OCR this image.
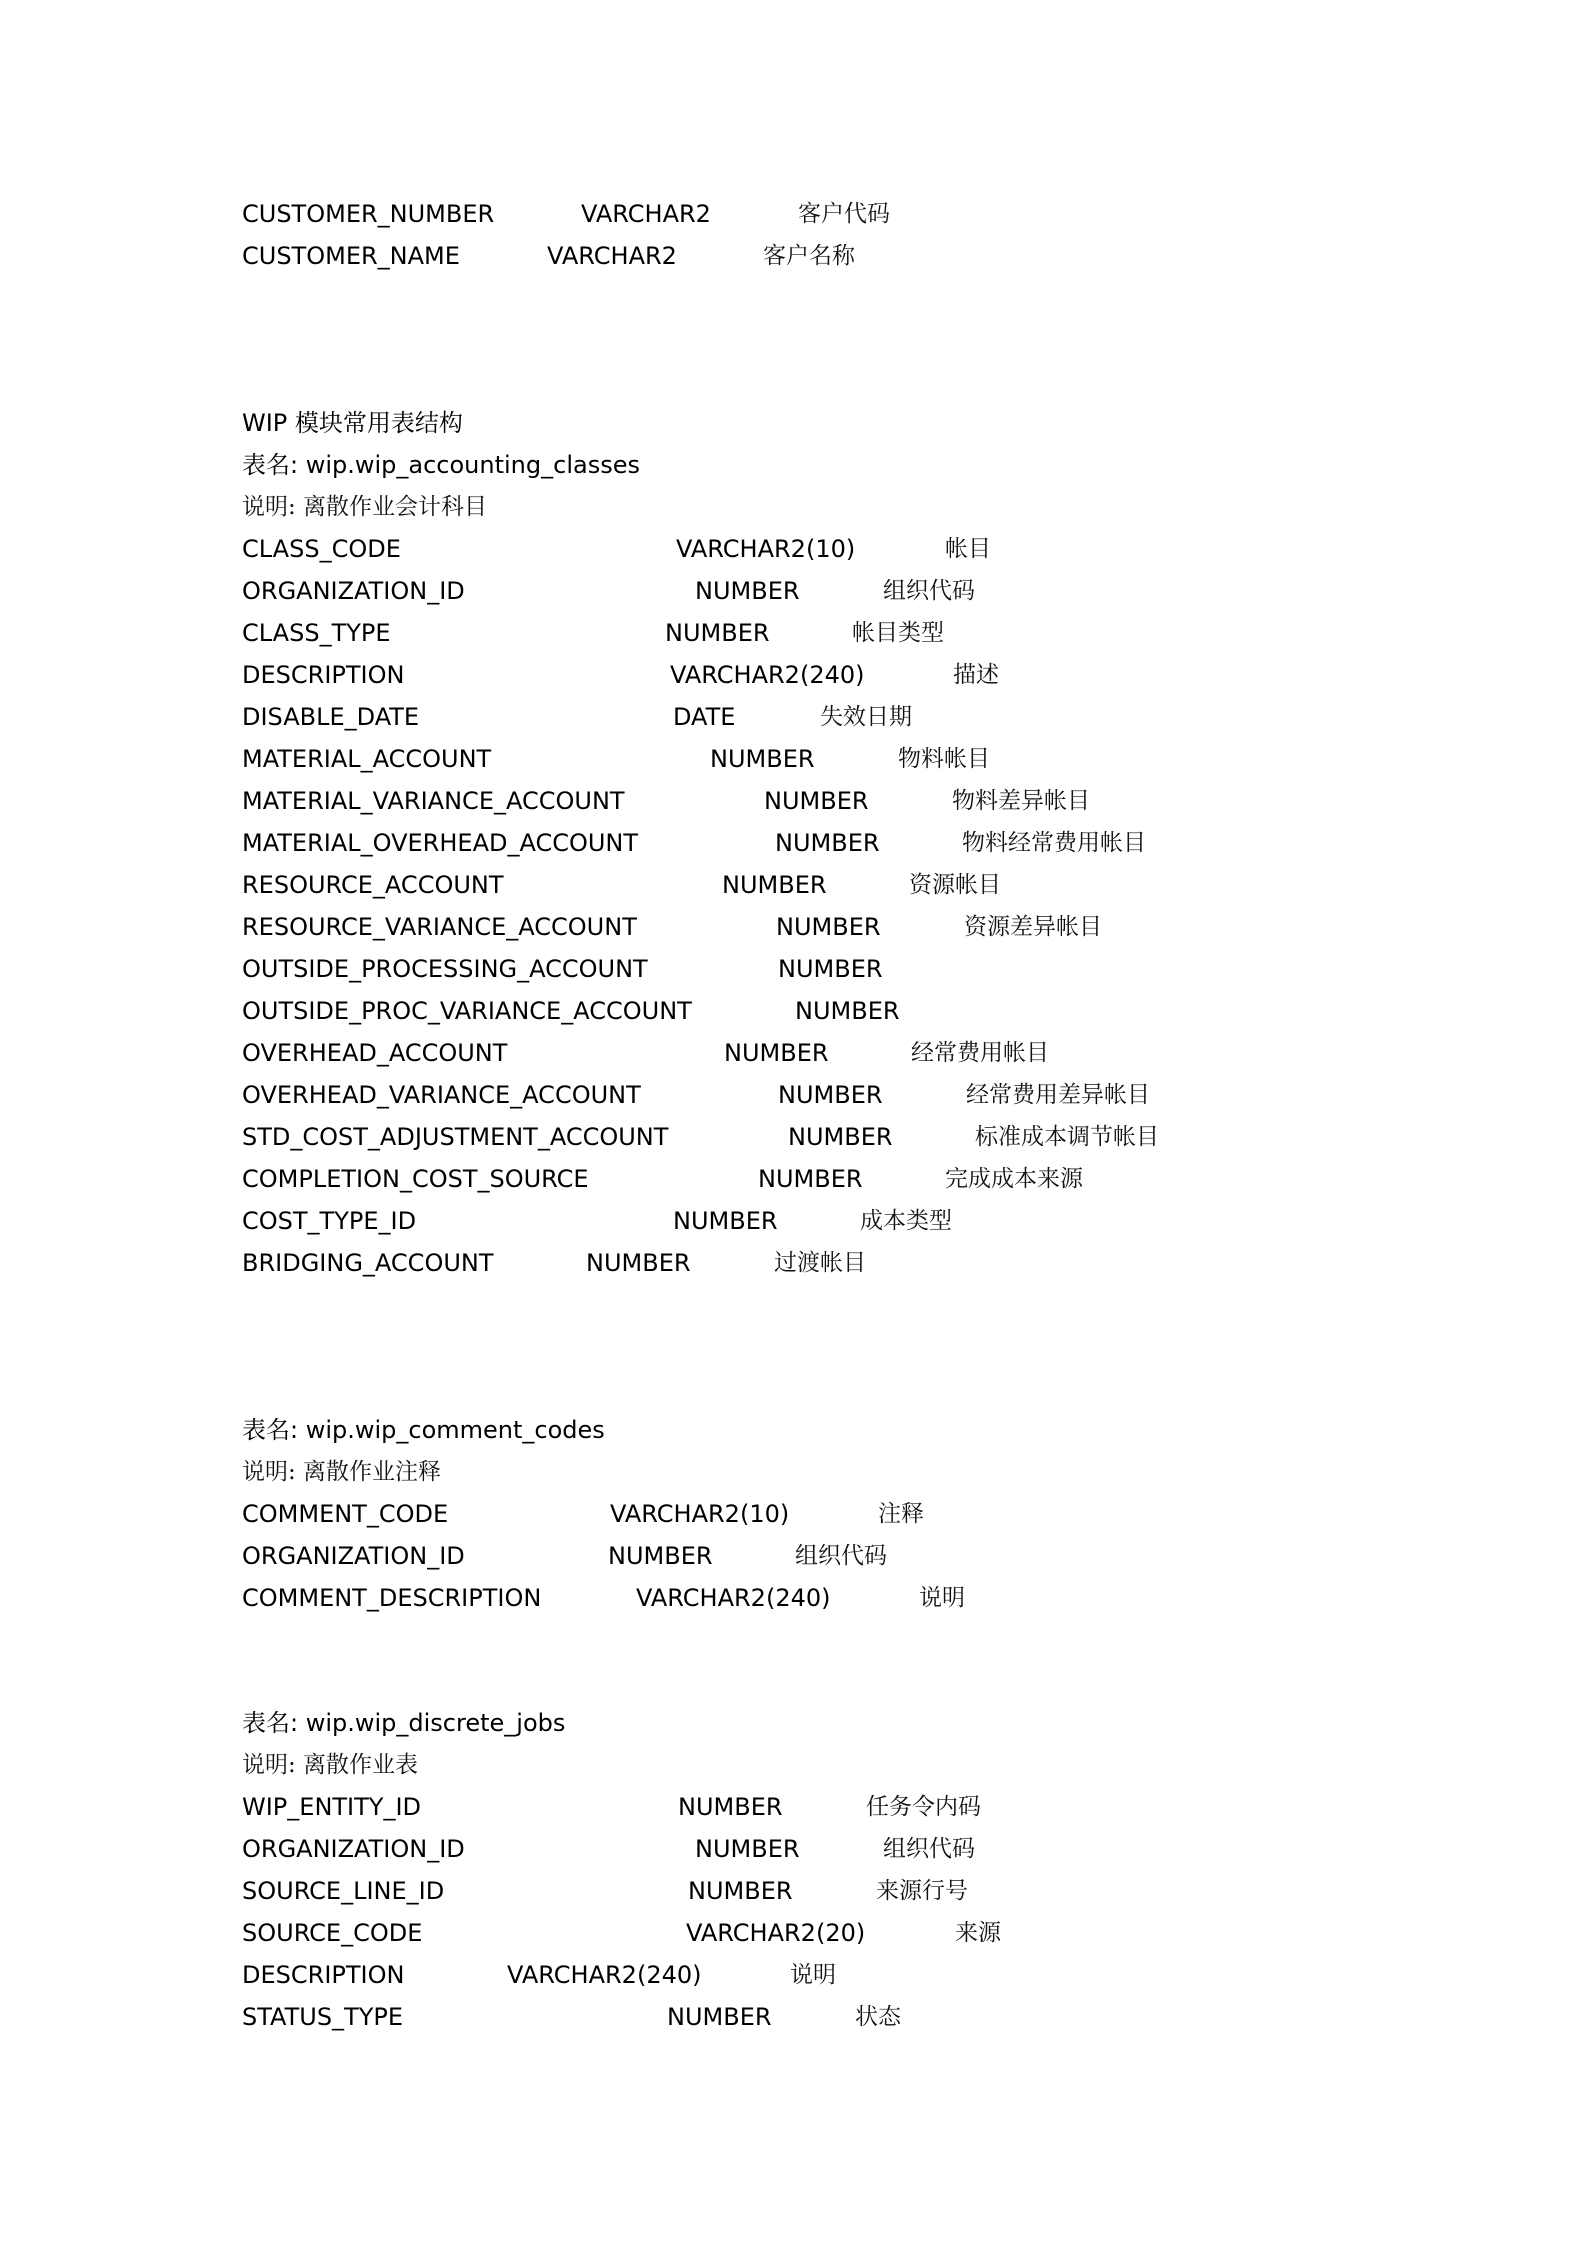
CUSTOMER_NUMBER	VARCHAR2	客户代码
CUSTOMER_NAME	VARCHAR2	客户名称
WIP 模块常用表结构
表名: wip.wip_accounting_classes
说明: 离散作业会计科目
CLASS_CODE	VARCHAR2(10)	帐目
ORGANIZATION_ID	NUMBER	组织代码
CLASS_TYPE	NUMBER	帐目类型
DESCRIPTION	VARCHAR2(240)	描述
DISABLE_DATE	DATE	失效日期
MATERIAL_ACCOUNT	NUMBER	物料帐目
MATERIAL_VARIANCE_ACCOUNT	NUMBER	物料差异帐目
MATERIAL_OVERHEAD_ACCOUNT	NUMBER	物料经常费用帐目
RESOURCE_ACCOUNT	NUMBER	资源帐目
RESOURCE_VARIANCE_ACCOUNT	NUMBER	资源差异帐目
OUTSIDE_PROCESSING_ACCOUNT	NUMBER
OUTSIDE_PROC_VARIANCE_ACCOUNT	NUMBER
OVERHEAD_ACCOUNT	NUMBER	经常费用帐目
OVERHEAD_VARIANCE_ACCOUNT	NUMBER	经常费用差异帐目
STD_COST_ADJUSTMENT_ACCOUNT	NUMBER	标准成本调节帐目
COMPLETION_COST_SOURCE	NUMBER	完成成本来源
COST_TYPE_ID	NUMBER	成本类型
BRIDGING_ACCOUNT	NUMBER	过渡帐目
表名: wip.wip_comment_codes
说明: 离散作业注释
COMMENT_CODE	VARCHAR2(10)	注释
ORGANIZATION_ID	NUMBER	组织代码
COMMENT_DESCRIPTION	VARCHAR2(240)	说明
表名: wip.wip_discrete_jobs
说明: 离散作业表
WIP_ENTITY_ID	NUMBER	任务令内码
ORGANIZATION_ID	NUMBER	组织代码
SOURCE_LINE_ID	NUMBER	来源行号
SOURCE_CODE	VARCHAR2(20)	来源
DESCRIPTION	VARCHAR2(240)	说明
STATUS_TYPE	NUMBER	状态
